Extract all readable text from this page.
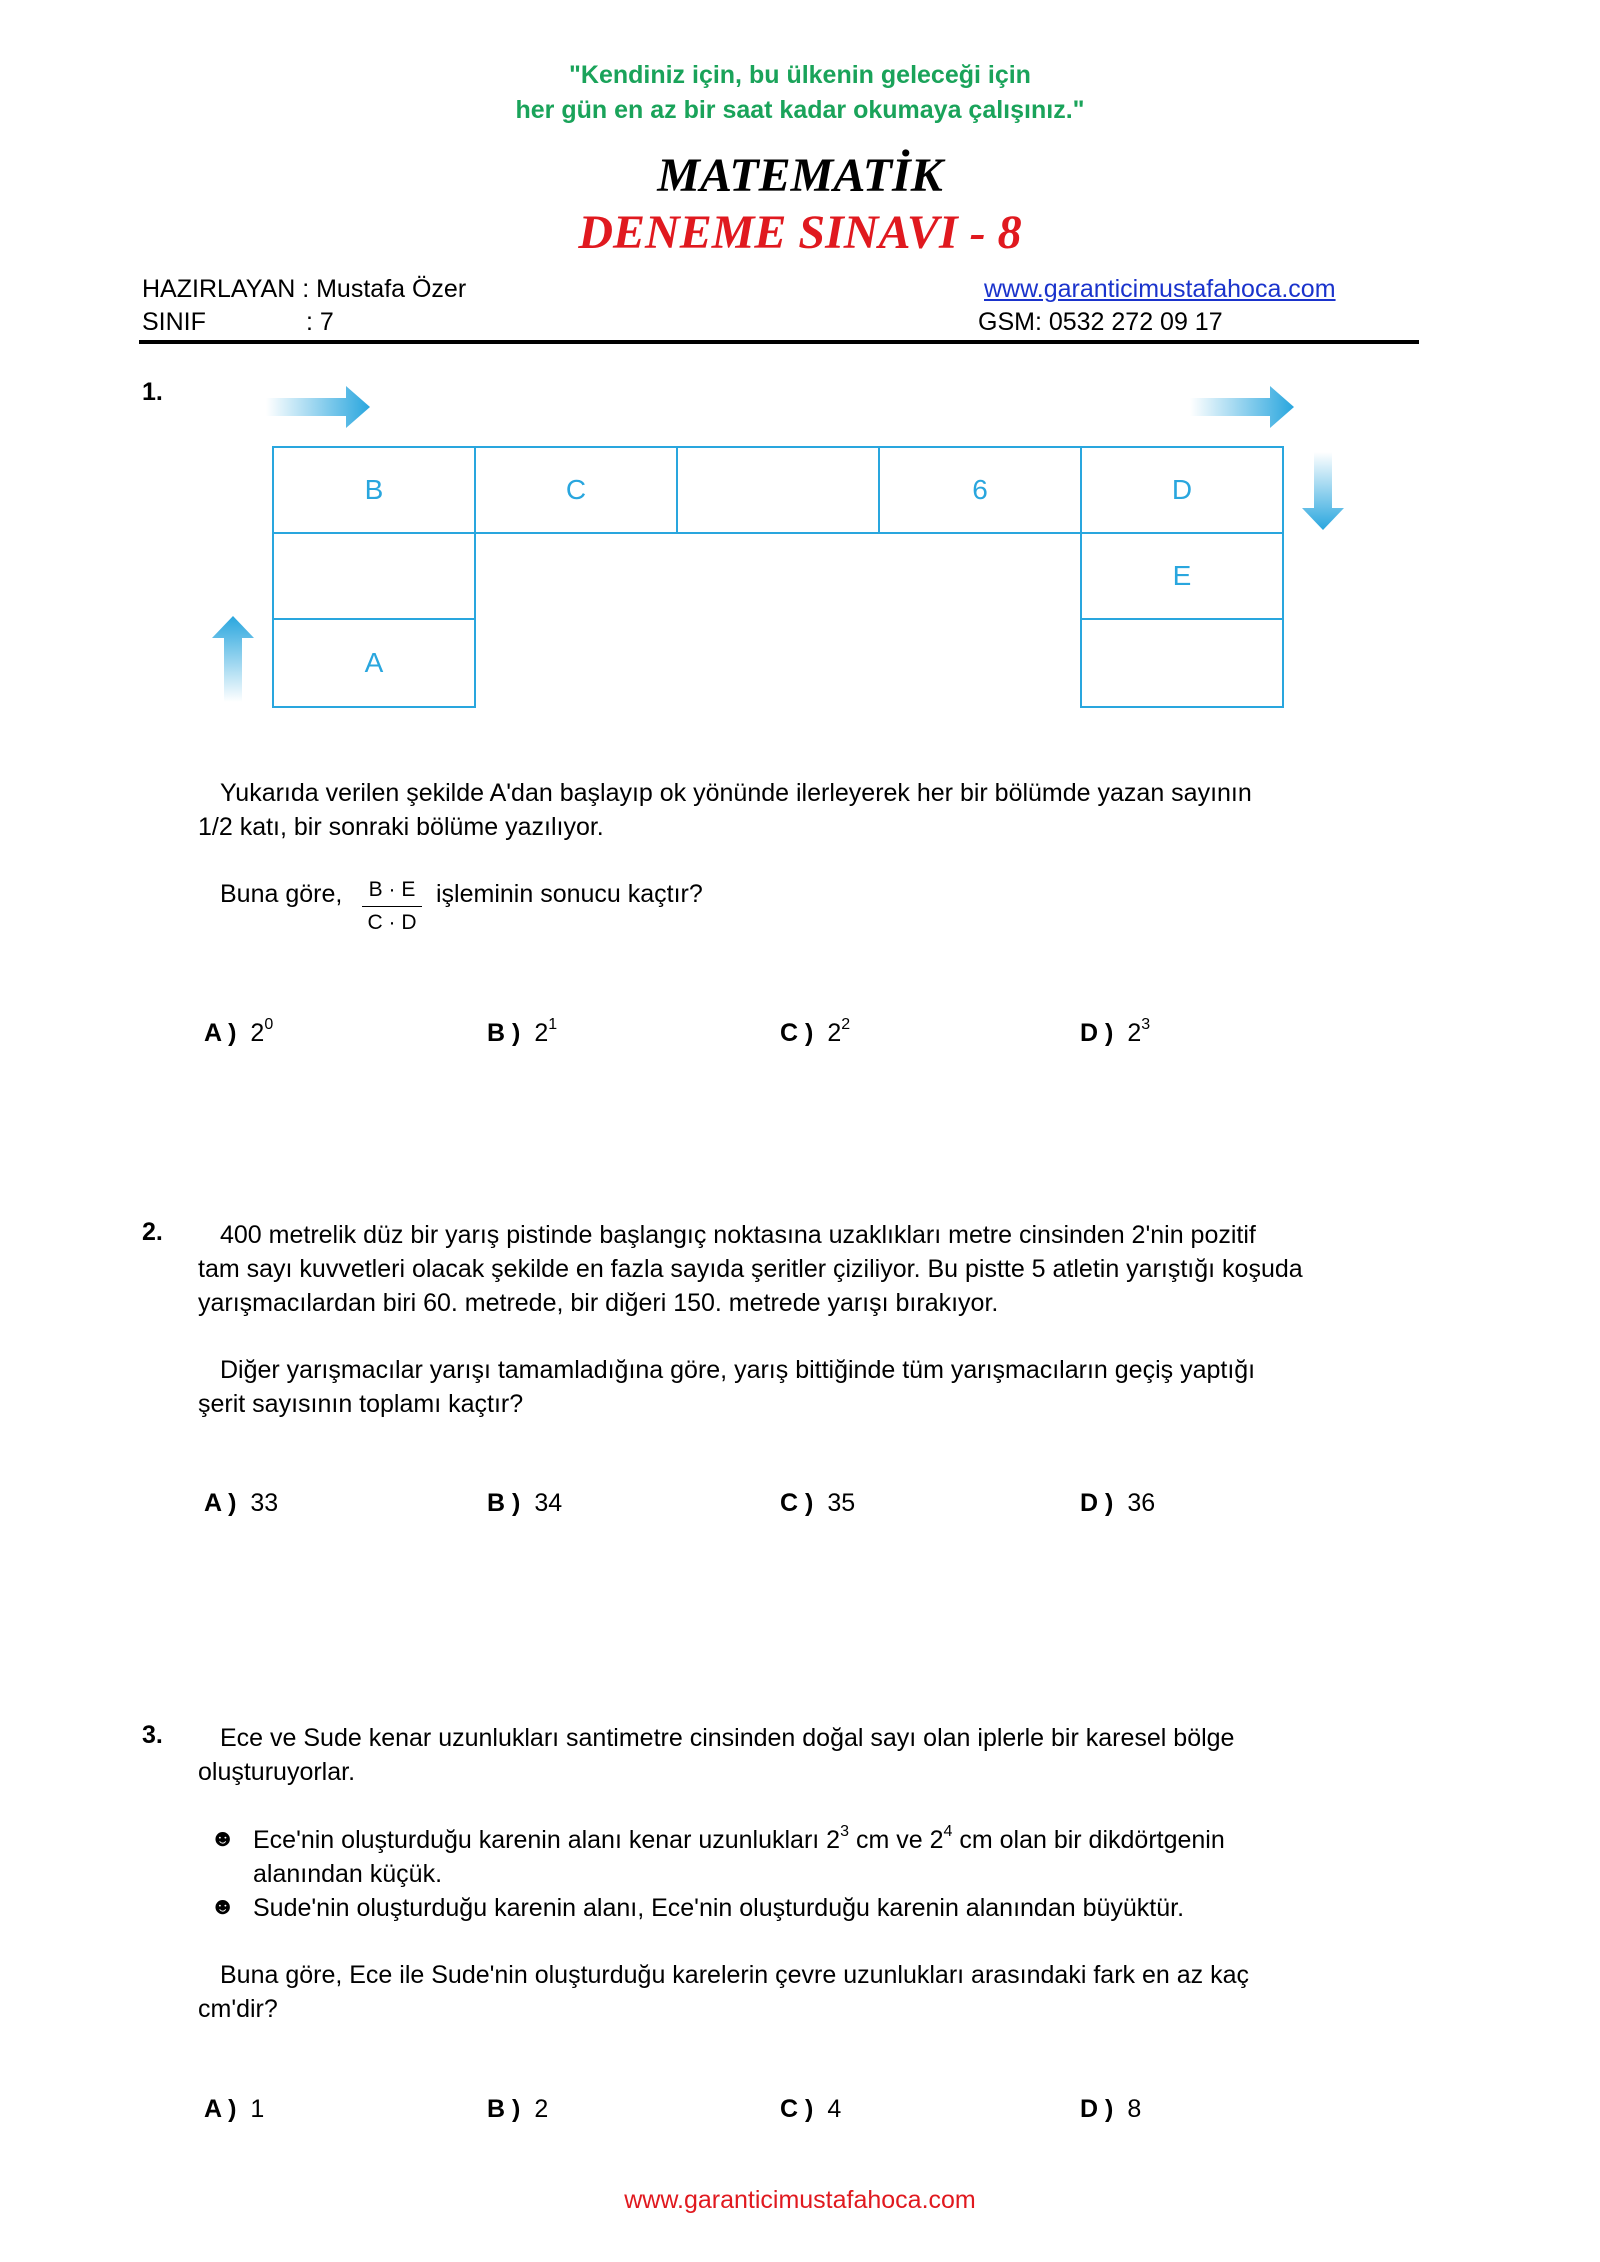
"Kendiniz için, bu ülkenin geleceği için
her gün en az bir saat kadar okumaya çalışınız."
MATEMATİK
DENEME SINAVI - 8
HAZIRLAYAN : Mustafa Özer
SINIF	: 7
www.garanticimustafahoca.com
GSM: 0532 272 09 17
1.
B	C	6	D
A
E
Yukarıda verilen şekilde A'dan başlayıp ok yönünde ilerleyerek her bir bölümde yazan sayının
1/2 katı, bir sonraki bölüme yazılıyor.
Buna göre,	B · E
C · D
işleminin sonucu kaçtır?
A ) $2^0$	B ) $2^1$	C ) $2^2$	D ) $2^3$
2. 400 metrelik düz bir yarış pistinde başlangıç noktasına uzaklıkları metre cinsinden 2'nin pozitif
tam sayı kuvvetleri olacak şekilde en fazla sayıda şeritler çiziliyor. Bu pistte 5 atletin yarıştığı koşuda
yarışmacılardan biri 60. metrede, bir diğeri 150. metrede yarışı bırakıyor.
Diğer yarışmacılar yarışı tamamladığına göre, yarış bittiğinde tüm yarışmacıların geçiş yaptığı
şerit sayısının toplamı kaçtır?
A ) 33	B ) 34	C ) 35	D ) 36
3. Ece ve Sude kenar uzunlukları santimetre cinsinden doğal sayı olan iplerle bir karesel bölge
oluşturuyorlar.
☻ Ece'nin oluşturduğu karenin alanı kenar uzunlukları $2^3$ cm ve $2^4$ cm olan bir dikdörtgenin
alanından küçük.
☻ Sude'nin oluşturduğu karenin alanı, Ece'nin oluşturduğu karenin alanından büyüktür.
Buna göre, Ece ile Sude'nin oluşturduğu karelerin çevre uzunlukları arasındaki fark en az kaç
cm'dir?
A ) 1	B ) 2	C ) 4	D ) 8
www.garanticimustafahoca.com
